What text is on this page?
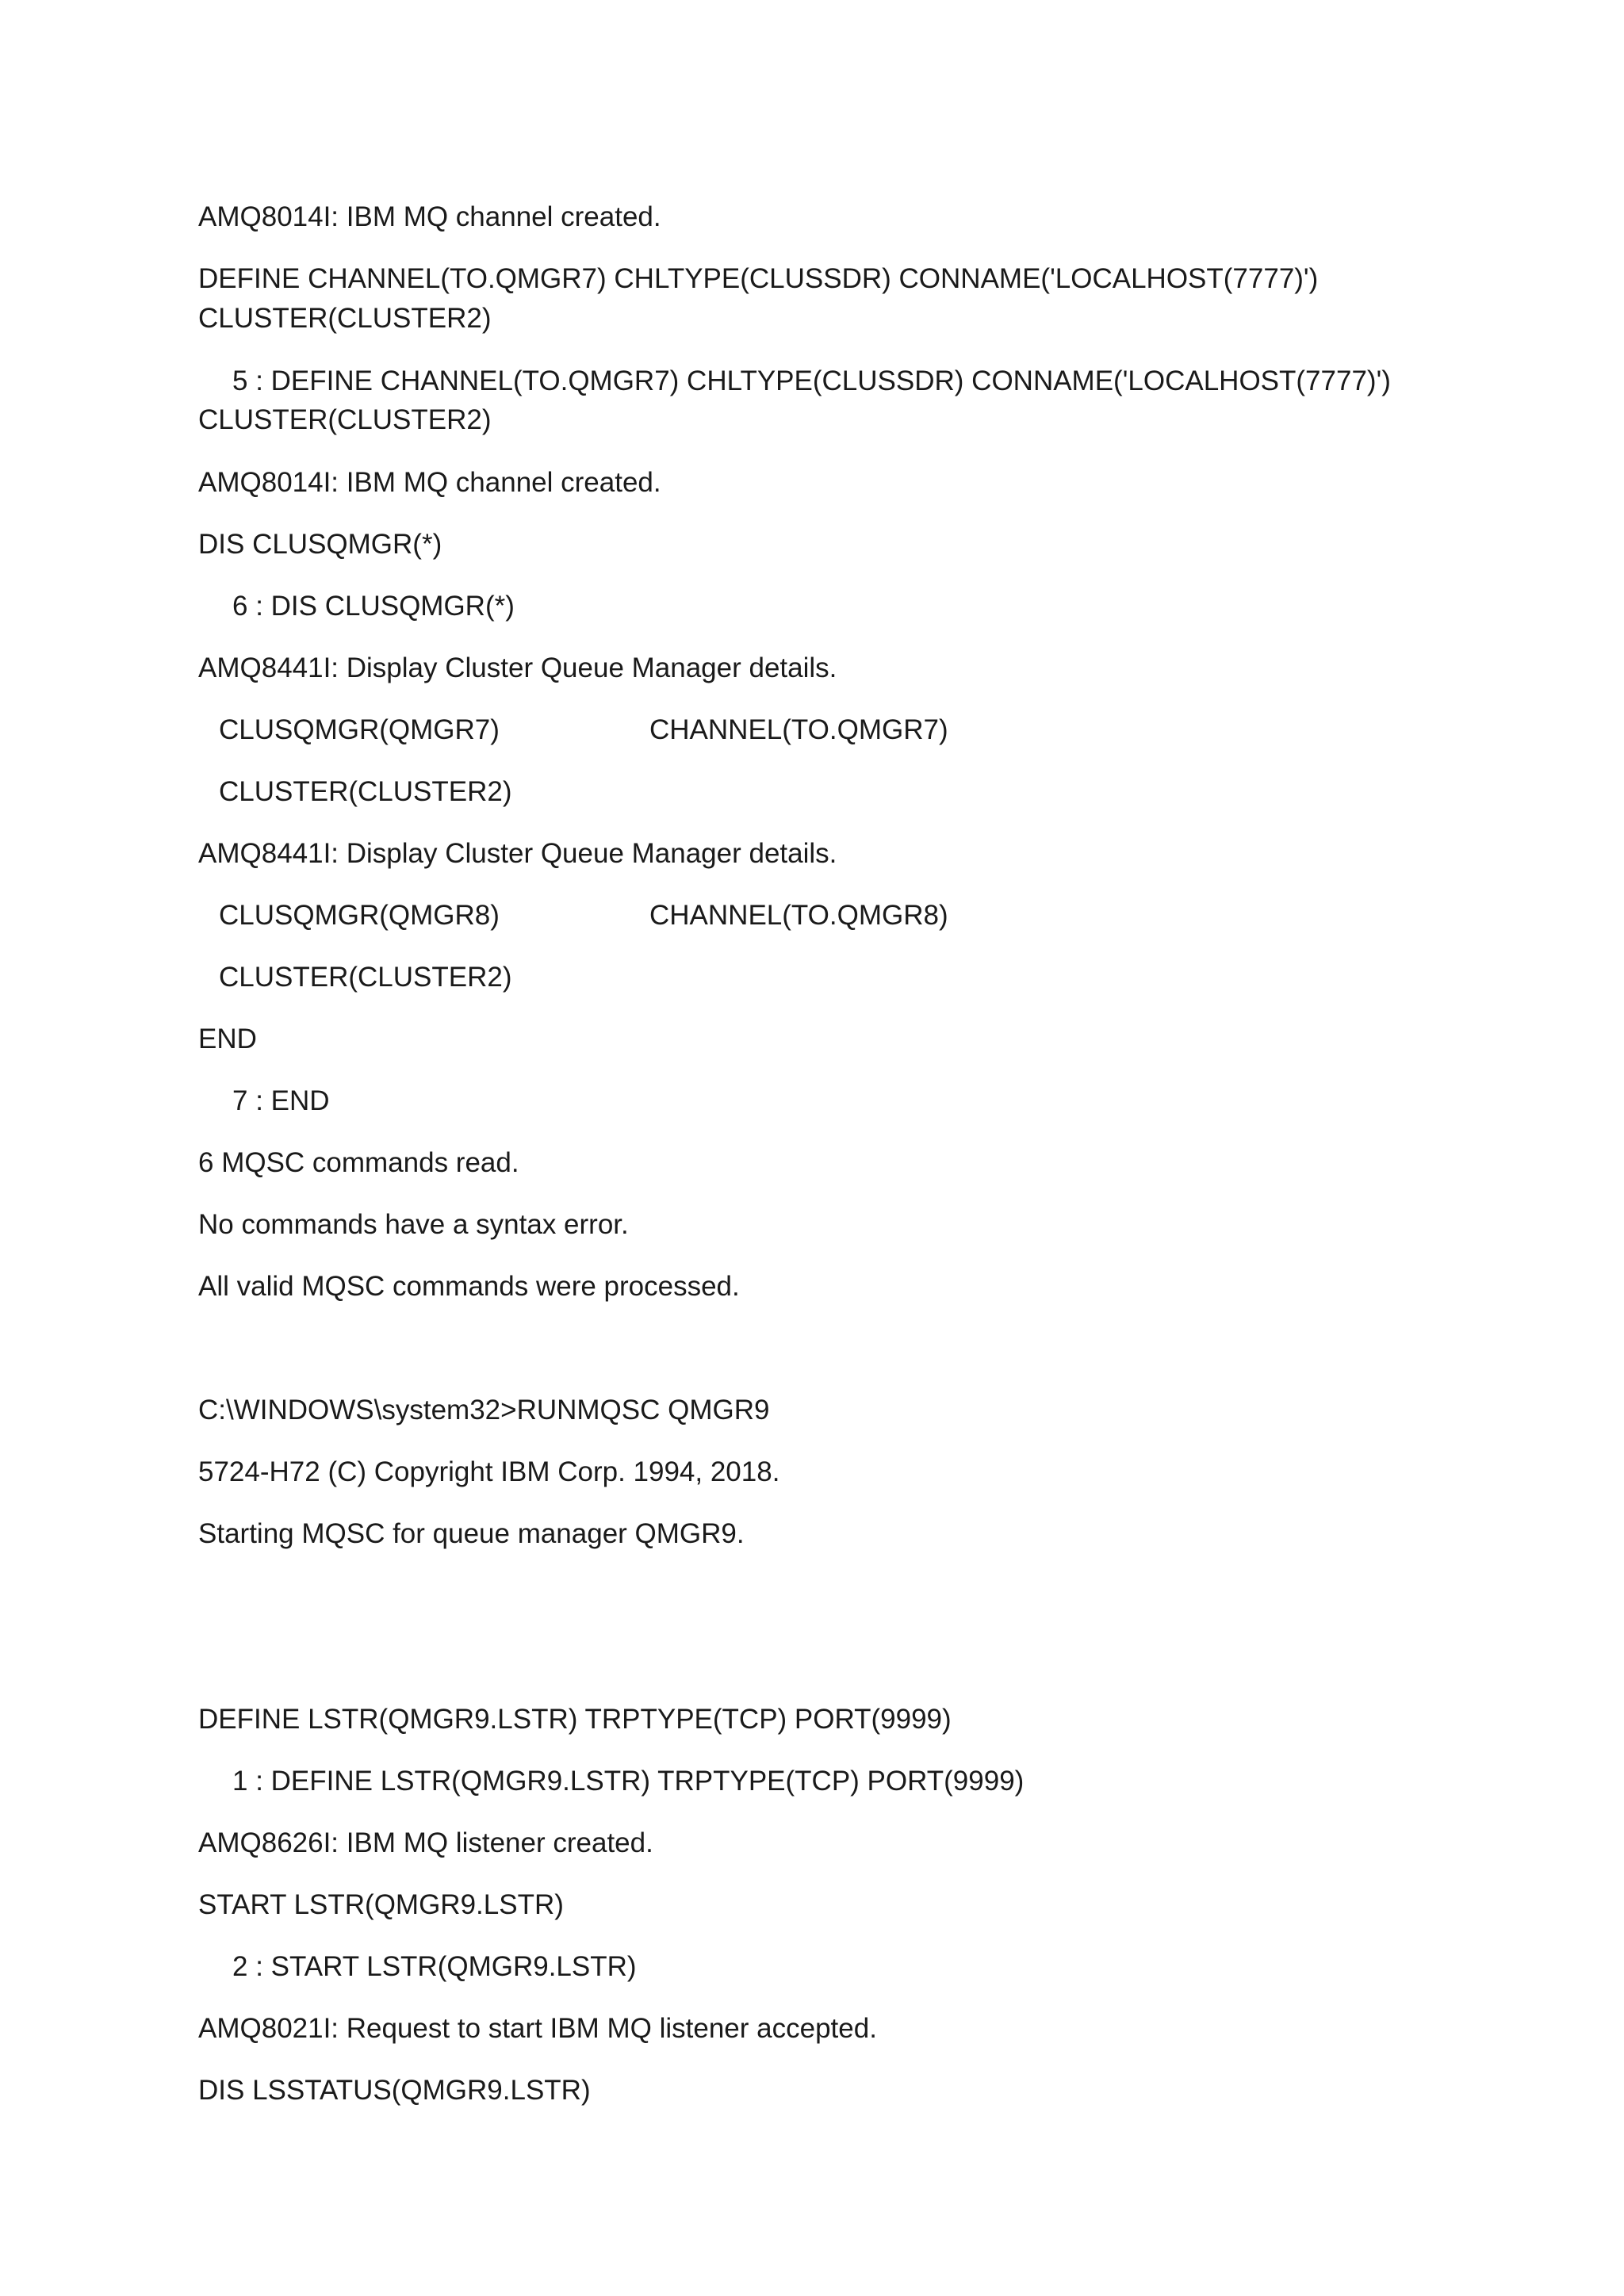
AMQ8014I: IBM MQ channel created.

DEFINE CHANNEL(TO.QMGR7) CHLTYPE(CLUSSDR) CONNAME('LOCALHOST(7777)')

CLUSTER(CLUSTER2)

5 : DEFINE CHANNEL(TO.QMGR7) CHLTYPE(CLUSSDR) CONNAME('LOCALHOST(7777)')

CLUSTER(CLUSTER2)

AMQ8014I: IBM MQ channel created.

DIS CLUSQMGR(*)

6 : DIS CLUSQMGR(*)

AMQ8441I: Display Cluster Queue Manager details.

CLUSQMGR(QMGR7)	CHANNEL(TO.QMGR7)

CLUSTER(CLUSTER2)

AMQ8441I: Display Cluster Queue Manager details.

CLUSQMGR(QMGR8)	CHANNEL(TO.QMGR8)

CLUSTER(CLUSTER2)

END

7 : END

6 MQSC commands read.

No commands have a syntax error.

All valid MQSC commands were processed.

C:\WINDOWS\system32>RUNMQSC QMGR9

5724-H72 (C) Copyright IBM Corp. 1994, 2018.

Starting MQSC for queue manager QMGR9.

DEFINE LSTR(QMGR9.LSTR) TRPTYPE(TCP) PORT(9999)

1 : DEFINE LSTR(QMGR9.LSTR) TRPTYPE(TCP) PORT(9999)

AMQ8626I: IBM MQ listener created.

START LSTR(QMGR9.LSTR)

2 : START LSTR(QMGR9.LSTR)

AMQ8021I: Request to start IBM MQ listener accepted.

DIS LSSTATUS(QMGR9.LSTR)
